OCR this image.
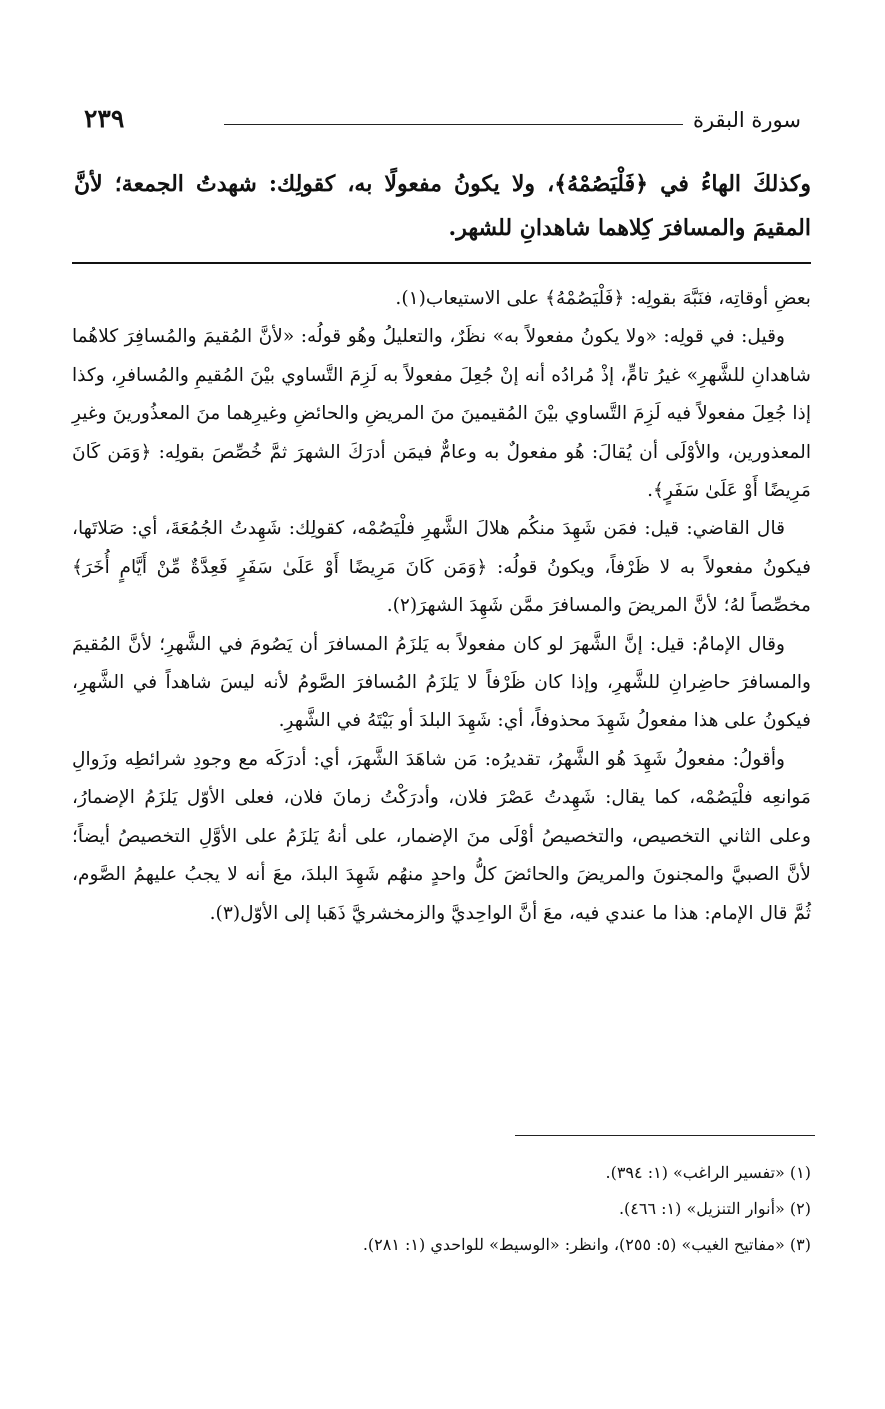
سورة البقرة
٢٣٩

وكذلكَ الهاءُ في ﴿فَلْيَصُمْهُ﴾، ولا يكونُ مفعولًا به، كقولِك: شهدتُ الجمعة؛ لأنَّ المقيمَ والمسافرَ كِلاهما شاهدانِ للشهر.

بعضِ أوقاتِه، فنَبَّهَ بقولِه: ﴿فَلْيَصُمْهُ﴾ على الاستيعاب(١).

وقيل: في قولِه: «ولا يكونُ مفعولاً به» نظَرٌ، والتعليلُ وهُو قولُه: «لأنَّ المُقيمَ والمُسافِرَ كلاهُما شاهدانِ للشَّهرِ» غيرُ تامٍّ، إذْ مُرادُه أنه إنْ جُعِلَ مفعولاً به لَزِمَ التَّساوي بيْنَ المُقيمِ والمُسافرِ، وكذا إذا جُعِلَ مفعولاً فيه لَزِمَ التَّساوي بيْنَ المُقيمينَ منَ المريضِ والحائضِ وغيرِهما منَ المعذُورينَ وغيرِ المعذورين، والأوْلَى أن يُقالَ: هُو مفعولٌ به وعامٌّ فيمَن أدرَكَ الشهرَ ثمَّ خُصِّصَ بقولِه: ﴿وَمَن كَانَ مَرِيضًا أَوْ عَلَىٰ سَفَرٍ﴾.

قال القاضي: قيل: فمَن شَهِدَ منكُم هلالَ الشَّهرِ فلْيَصُمْه، كقولِك: شَهِدتُ الجُمُعَةَ، أي: صَلاتَها، فيكونُ مفعولاً به لا ظَرْفاً، ويكونُ قولُه: ﴿وَمَن كَانَ مَرِيضًا أَوْ عَلَىٰ سَفَرٍ فَعِدَّةٌ مِّنْ أَيَّامٍ أُخَرَ﴾ مخصِّصاً لهُ؛ لأنَّ المريضَ والمسافرَ ممَّن شَهِدَ الشهرَ(٢).

وقال الإمامُ: قيل: إنَّ الشَّهرَ لو كان مفعولاً به يَلزَمُ المسافرَ أن يَصُومَ في الشَّهرِ؛ لأنَّ المُقيمَ والمسافرَ حاضِرانِ للشَّهرِ، وإذا كان ظَرْفاً لا يَلزَمُ المُسافرَ الصَّومُ لأنه ليسَ شاهداً في الشَّهرِ، فيكونُ على هذا مفعولُ شَهِدَ محذوفاً، أي: شَهِدَ البلدَ أو بَيْتَهُ في الشَّهرِ.

وأقولُ: مفعولُ شَهِدَ هُو الشَّهرُ، تقديرُه: مَن شاهَدَ الشَّهرَ، أي: أدرَكَه مع وجودِ شرائطِه وزَوالِ مَوانعِه فلْيَصُمْه، كما يقال: شَهِدتُ عَصْرَ فلان، وأدرَكْتُ زمانَ فلان، فعلى الأوّل يَلزَمُ الإضمارُ، وعلى الثاني التخصيص، والتخصيصُ أوْلَى منَ الإضمار، على أنهُ يَلزَمُ على الأوَّلِ التخصيصُ أيضاً؛ لأنَّ الصبيَّ والمجنونَ والمريضَ والحائضَ كلُّ واحدٍ منهُم شَهِدَ البلدَ، معَ أنه لا يجبُ عليهمُ الصَّوم، ثُمَّ قال الإمام: هذا ما عندي فيه، معَ أنَّ الواحِديَّ والزمخشريَّ ذَهَبا إلى الأوّل(٣).

(١) «تفسير الراغب» (١: ٣٩٤).

(٢) «أنوار التنزيل» (١: ٤٦٦).

(٣) «مفاتيح الغيب» (٥: ٢٥٥)، وانظر: «الوسيط» للواحدي (١: ٢٨١).
